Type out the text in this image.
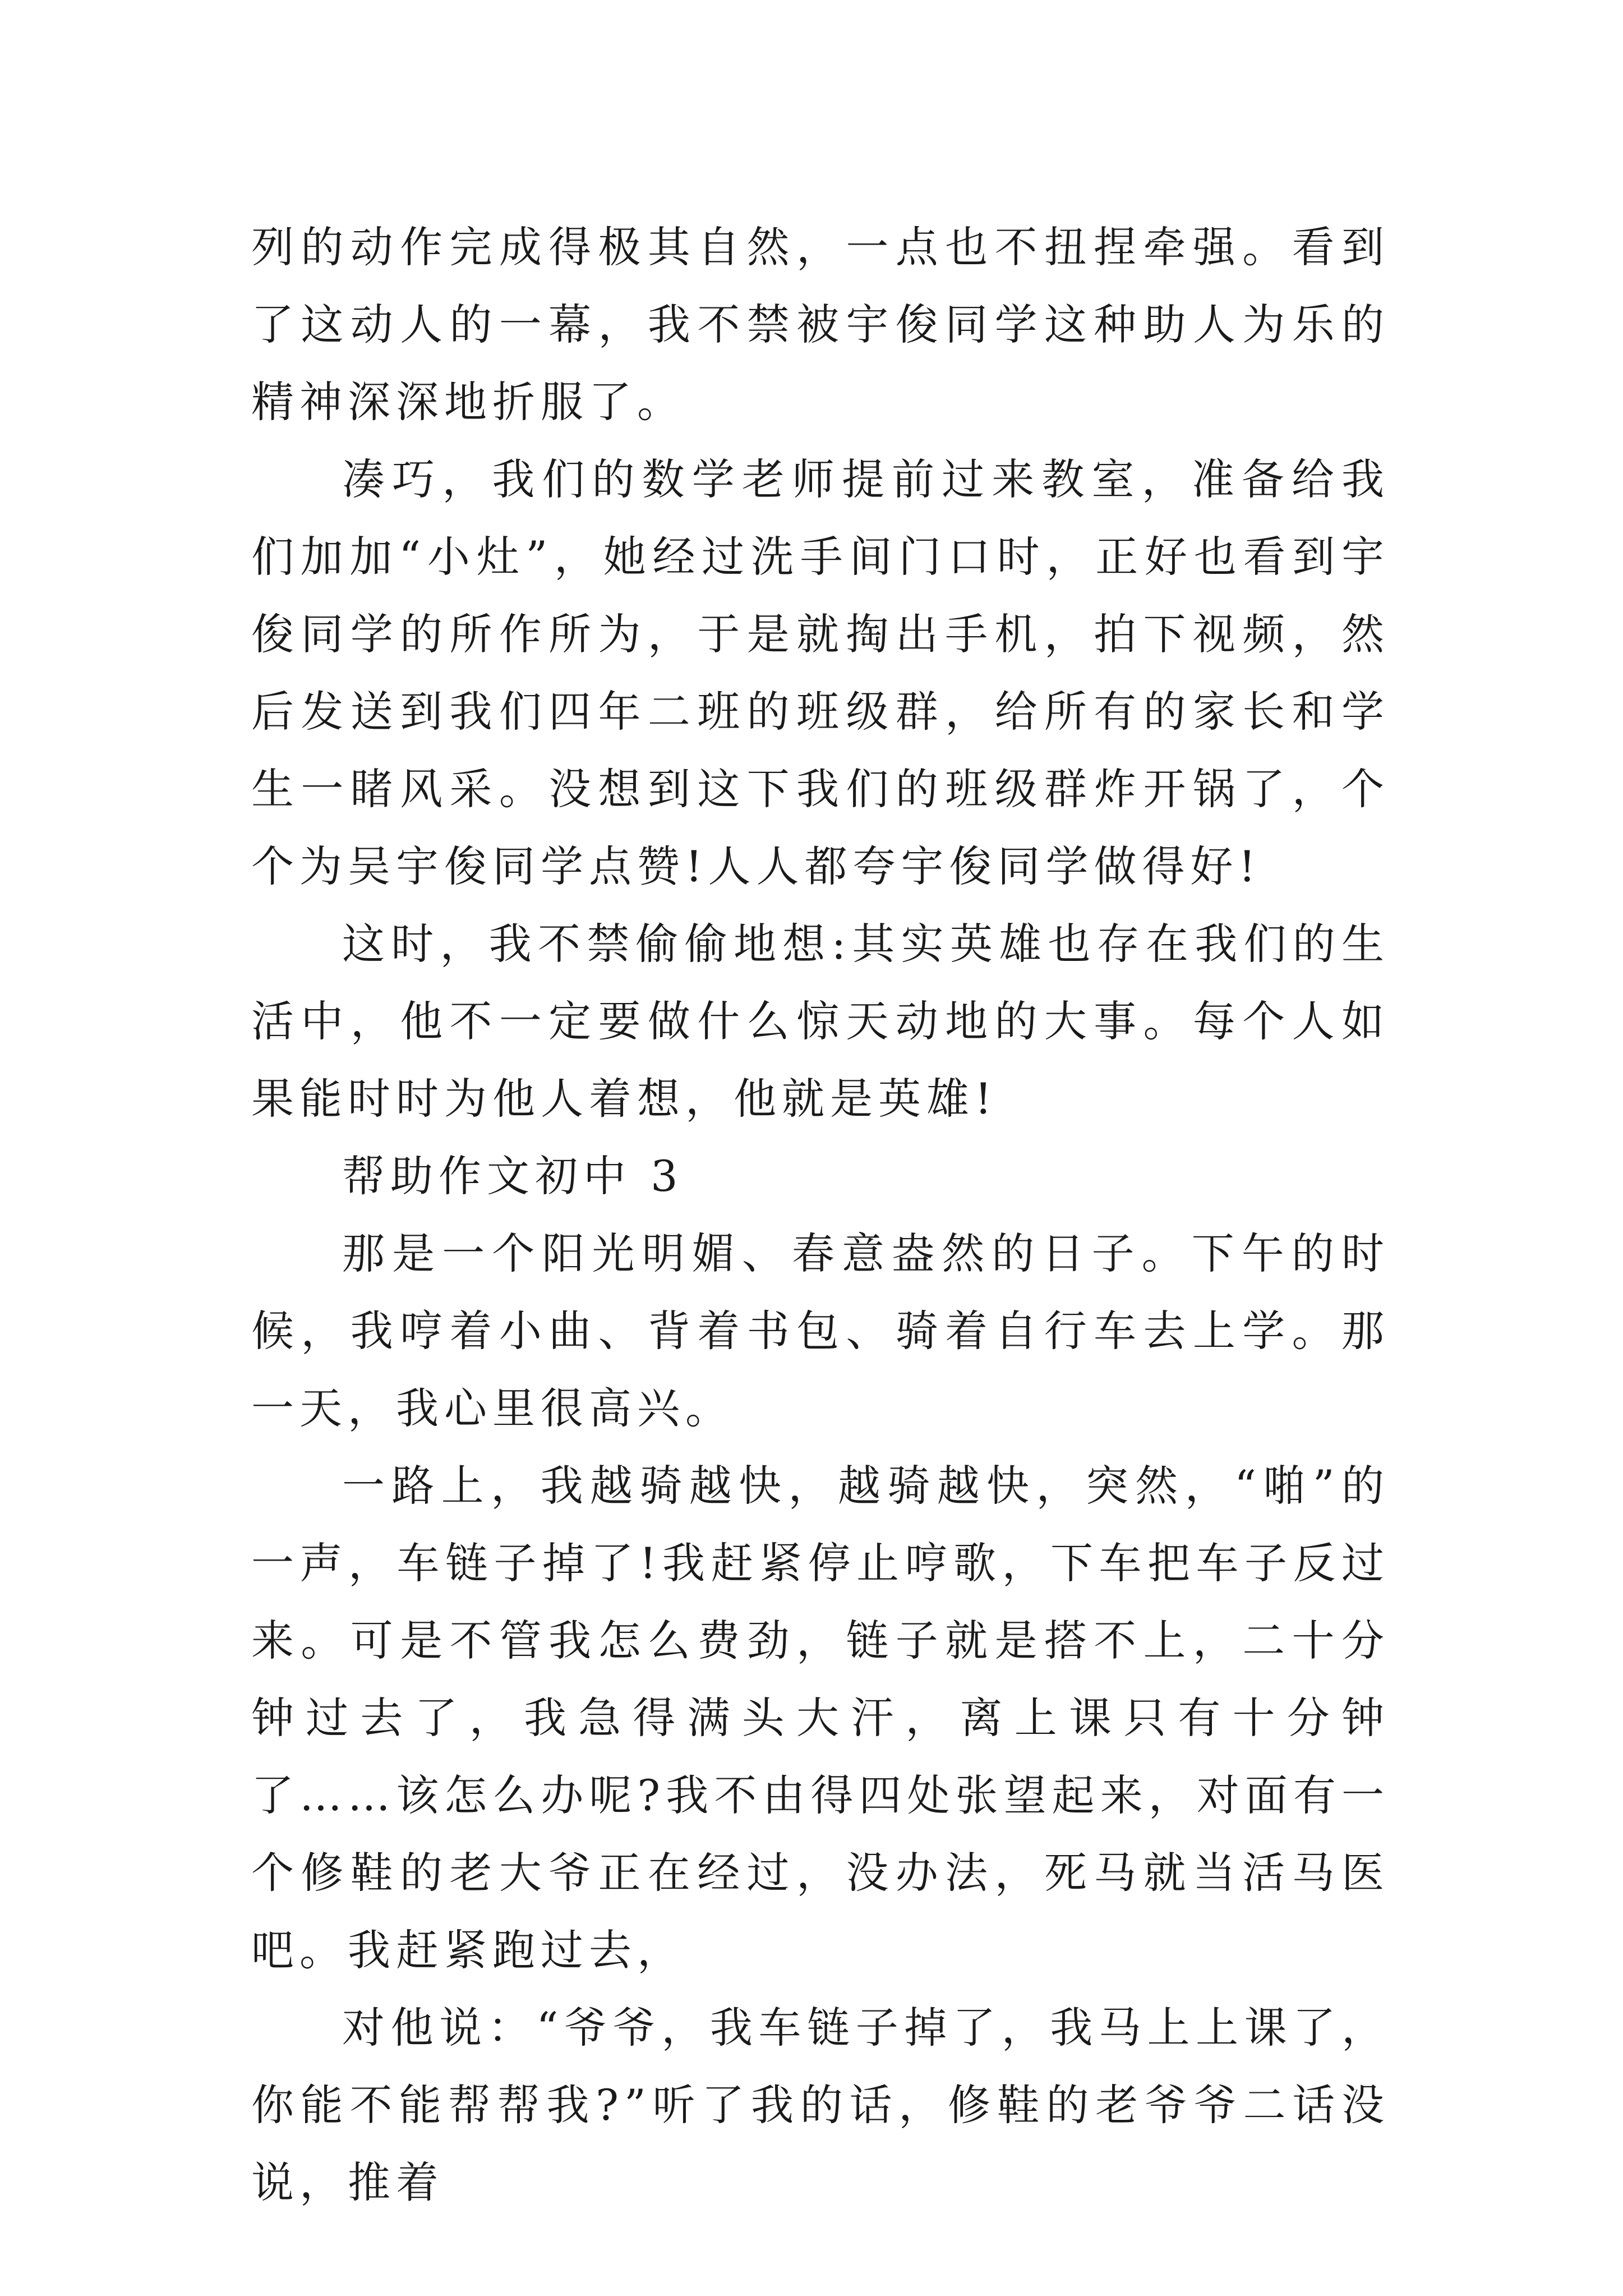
列的动作完成得极其自然，一点也不扭捏牵强。看到了这动人的一幕，我不禁被宇俊同学这种助人为乐的精神深深地折服了。

凑巧，我们的数学老师提前过来教室，准备给我们加加“小灶”，她经过洗手间门口时，正好也看到宇俊同学的所作所为，于是就掏出手机，拍下视频，然后发送到我们四年二班的班级群，给所有的家长和学生一睹风采。没想到这下我们的班级群炸开锅了，个个为吴宇俊同学点赞!人人都夸宇俊同学做得好!

这时，我不禁偷偷地想:其实英雄也存在我们的生活中，他不一定要做什么惊天动地的大事。每个人如果能时时为他人着想，他就是英雄!

帮助作文初中 3

那是一个阳光明媚、春意盎然的日子。下午的时候，我哼着小曲、背着书包、骑着自行车去上学。那一天，我心里很高兴。

一路上，我越骑越快，越骑越快，突然，“啪”的一声，车链子掉了!我赶紧停止哼歌，下车把车子反过来。可是不管我怎么费劲，链子就是搭不上，二十分钟过去了，我急得满头大汗，离上课只有十分钟了……该怎么办呢?我不由得四处张望起来，对面有一个修鞋的老大爷正在经过，没办法，死马就当活马医吧。我赶紧跑过去，

对他说：“爷爷，我车链子掉了，我马上上课了，你能不能帮帮我?”听了我的话，修鞋的老爷爷二话没说，推着
